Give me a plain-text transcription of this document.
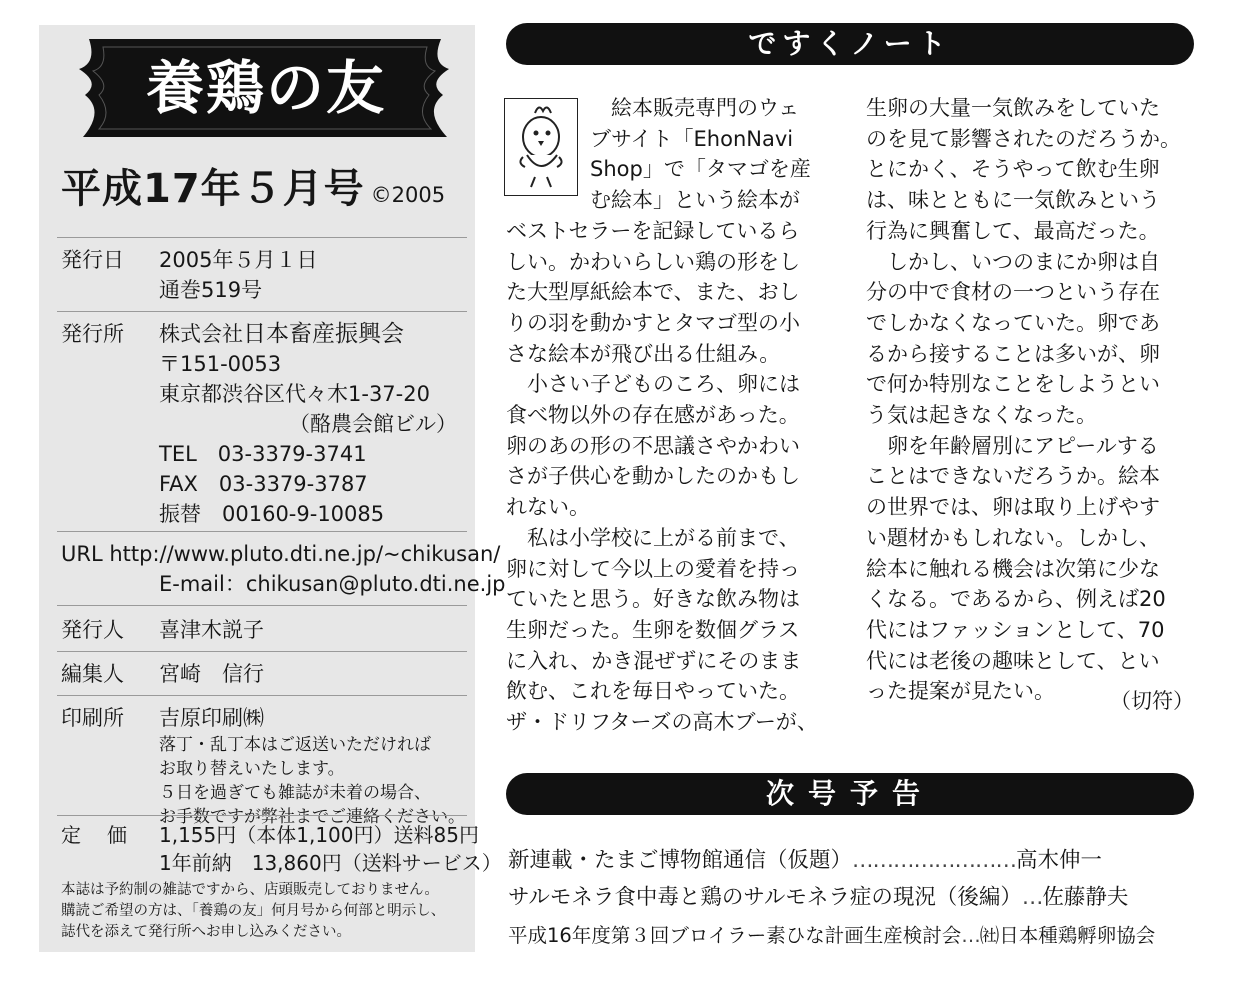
養鶏の友
平成17年５月号 ©2005
発行日 2005年５月１日
通巻519号
発行所 株式会社日本畜産振興会
〒151-0053
東京都渋谷区代々木1-37-20
（酪農会館ビル）
TEL　03-3379-3741
FAX　03-3379-3787
振替　00160-9-10085
URL http://www.pluto.dti.ne.jp/~chikusan/
E-mail：chikusan@pluto.dti.ne.jp
発行人 喜津木説子
編集人 宮崎　信行
印刷所 吉原印刷㈱
落丁・乱丁本はご返送いただければ
お取り替えいたします。
５日を過ぎても雑誌が未着の場合、
お手数ですが弊社までご連絡ください。
定価 1,155円（本体1,100円）送料85円
1年前納　13,860円（送料サービス）
本誌は予約制の雑誌ですから、店頭販売しておりません。
購読ご希望の方は、「養鶏の友」何月号から何部と明示し、
誌代を添えて発行所へお申し込みください。
ですくノート
絵本販売専門のウェ
ブサイト「EhonNavi
Shop」で「タマゴを産
む絵本」という絵本が
ベストセラーを記録しているら
しい。かわいらしい鶏の形をし
た大型厚紙絵本で、また、おし
りの羽を動かすとタマゴ型の小
さな絵本が飛び出る仕組み。
小さい子どものころ、卵には
食べ物以外の存在感があった。
卵のあの形の不思議さやかわい
さが子供心を動かしたのかもし
れない。
私は小学校に上がる前まで、
卵に対して今以上の愛着を持っ
ていたと思う。好きな飲み物は
生卵だった。生卵を数個グラス
に入れ、かき混ぜずにそのまま
飲む、これを毎日やっていた。
ザ・ドリフターズの高木ブーが、
生卵の大量一気飲みをしていた
のを見て影響されたのだろうか。
とにかく、そうやって飲む生卵
は、味とともに一気飲みという
行為に興奮して、最高だった。
しかし、いつのまにか卵は自
分の中で食材の一つという存在
でしかなくなっていた。卵であ
るから接することは多いが、卵
で何か特別なことをしようとい
う気は起きなくなった。
卵を年齢層別にアピールする
ことはできないだろうか。絵本
の世界では、卵は取り上げやす
い題材かもしれない。しかし、
絵本に触れる機会は次第に少な
くなる。であるから、例えば20
代にはファッションとして、70
代には老後の趣味として、とい
った提案が見たい。	（切符）
次号予告
新連載・たまご博物館通信（仮題）……………………高木伸一
サルモネラ食中毒と鶏のサルモネラ症の現況（後編）…佐藤静夫
平成16年度第３回ブロイラー素ひな計画生産検討会…㈳日本種鶏孵卵協会
